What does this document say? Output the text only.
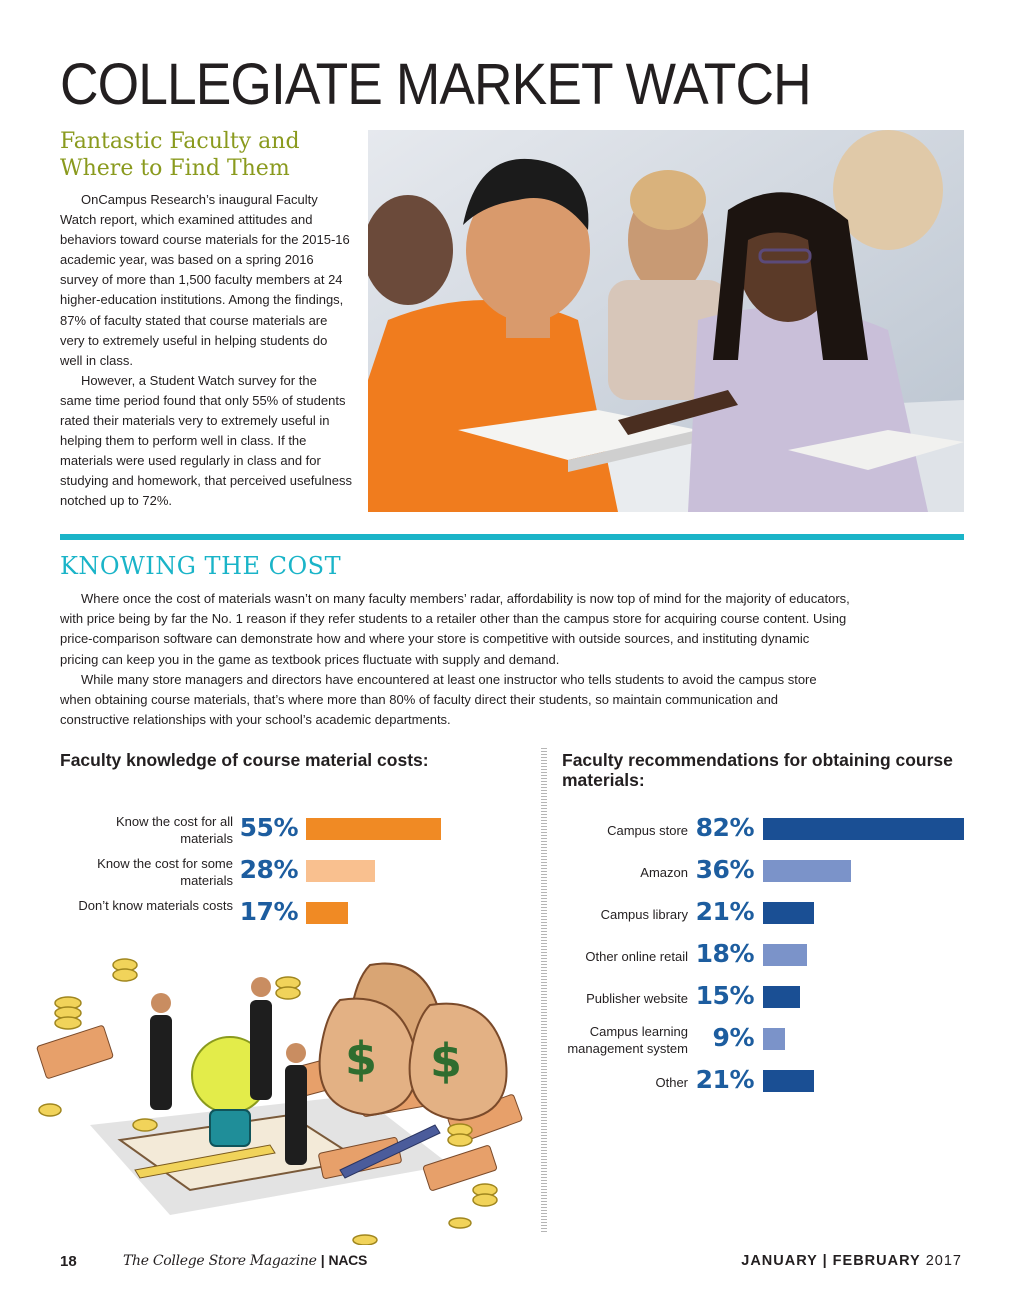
COLLEGIATE MARKET WATCH
Fantastic Faculty and Where to Find Them

OnCampus Research’s inaugural Faculty Watch report, which examined attitudes and behaviors toward course materials for the 2015-16 academic year, was based on a spring 2016 survey of more than 1,500 faculty members at 24 higher-education institutions. Among the findings, 87% of faculty stated that course materials are very to extremely useful in helping students do well in class.

However, a Student Watch survey for the same time period found that only 55% of students rated their materials very to extremely useful in helping them to perform well in class. If the materials were used regularly in class and for studying and homework, that perceived usefulness notched up to 72%.

KNOWING THE COST

Where once the cost of materials wasn’t on many faculty members’ radar, affordability is now top of mind for the majority of educators, with price being by far the No. 1 reason if they refer students to a retailer other than the campus store for acquiring course content. Using price-comparison software can demonstrate how and where your store is competitive with outside sources, and instituting dynamic pricing can keep you in the game as textbook prices fluctuate with supply and demand.

While many store managers and directors have encountered at least one instructor who tells students to avoid the campus store when obtaining course materials, that’s where more than 80% of faculty direct their students, so maintain communication and constructive relationships with your school’s academic departments.

Faculty knowledge of course material costs:
Know the cost for all materials 55%
Know the cost for some materials 28%
Don’t know materials costs 17%
Faculty recommendations for obtaining course materials:
Campus store 82%
Amazon 36%
Campus library 21%
Other online retail 18%
Publisher website 15%
Campus learning management system 9%
Other 21%
$ $
18	The College Store Magazine | NACS	JANUARY | FEBRUARY 2017
